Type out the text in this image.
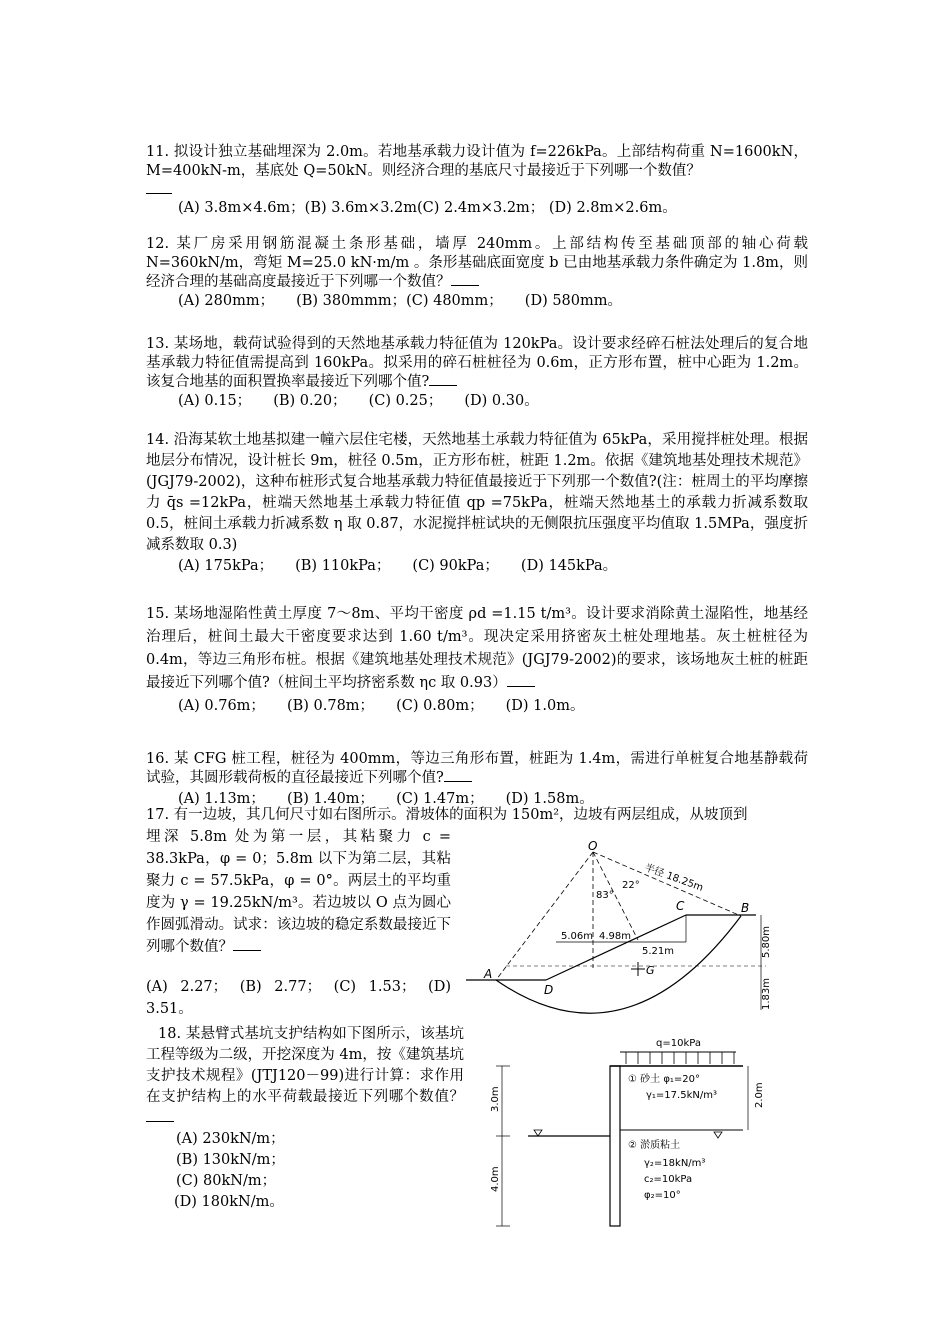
11. 拟设计独立基础埋深为 2.0m。若地基承载力设计值为 f=226kPa。上部结构荷重 N=1600kN，M=400kN-m，基底处 Q=50kN。则经济合理的基底尺寸最接近于下列哪一个数值？

(A) 3.8m×4.6m；(B) 3.6m×3.2m(C) 2.4m×3.2m； (D) 2.8m×2.6m。

12. 某厂房采用钢筋混凝土条形基础，墙厚 240mm。上部结构传至基础顶部的轴心荷载 N=360kN/m，弯矩 M=25.0 kN·m/m 。条形基础底面宽度 b 已由地基承载力条件确定为 1.8m，则经济合理的基础高度最接近于下列哪一个数值？

(A) 280mm； (B) 380mmm；(C) 480mm； (D) 580mm。

13. 某场地，载荷试验得到的天然地基承载力特征值为 120kPa。设计要求经碎石桩法处理后的复合地基承载力特征值需提高到 160kPa。拟采用的碎石桩桩径为 0.6m，正方形布置，桩中心距为 1.2m。该复合地基的面积置换率最接近下列哪个值?

(A) 0.15； (B) 0.20； (C) 0.25； (D) 0.30。

14. 沿海某软土地基拟建一幢六层住宅楼，天然地基土承载力特征值为 65kPa，采用搅拌桩处理。根据地层分布情况，设计桩长 9m，桩径 0.5m，正方形布桩，桩距 1.2m。依据《建筑地基处理技术规范》(JGJ79-2002)，这种布桩形式复合地基承载力特征值最接近于下列那一个数值?(注：桩周土的平均摩擦力 q̄s =12kPa，桩端天然地基土承载力特征值 qp =75kPa，桩端天然地基土的承载力折减系数取 0.5，桩间土承载力折减系数 η 取 0.87，水泥搅拌桩试块的无侧限抗压强度平均值取 1.5MPa，强度折减系数取 0.3)

(A) 175kPa； (B) 110kPa； (C) 90kPa； (D) 145kPa。

15. 某场地湿陷性黄土厚度 7～8m、平均干密度 ρd =1.15 t/m³。设计要求消除黄土湿陷性，地基经治理后，桩间土最大干密度要求达到 1.60 t/m³。现决定采用挤密灰土桩处理地基。灰土桩桩径为 0.4m，等边三角形布桩。根据《建筑地基处理技术规范》(JGJ79-2002)的要求，该场地灰土桩的桩距最接近下列哪个值?（桩间土平均挤密系数 ηc 取 0.93）

(A) 0.76m； (B) 0.78m； (C) 0.80m； (D) 1.0m。

16. 某 CFG 桩工程，桩径为 400mm，等边三角形布置，桩距为 1.4m，需进行单桩复合地基静载荷试验，其圆形载荷板的直径最接近下列哪个值?

(A) 1.13m； (B) 1.40m； (C) 1.47m； (D) 1.58m。

17. 有一边坡，其几何尺寸如右图所示。滑坡体的面积为 150m²，边坡有两层组成，从坡顶到

埋深 5.8m 处为第一层，其粘聚力 c = 38.3kPa，φ = 0；5.8m 以下为第二层，其粘聚力 c = 57.5kPa，φ = 0°。两层土的平均重度为 γ = 19.25kN/m³。若边坡以 O 点为圆心作圆弧滑动。试求：该边坡的稳定系数最接近下列哪个数值？

(A) 2.27； (B) 2.77； (C) 1.53； (D) 3.51。

O
A
B
C
D
G
半径 18.25m
22°
83°
5.06m 4.98m
5.21m	5.80m
1.83m

18. 某悬臂式基坑支护结构如下图所示，该基坑工程等级为二级，开挖深度为 4m，按《建筑基坑支护技术规程》(JTJ120－99)进行计算：求作用在支护结构上的水平荷载最接近下列哪个数值？

(A) 230kN/m；

(B) 130kN/m；

(C) 80kN/m；

(D) 180kN/m。

q=10kPa
① 砂土 φ₁=20°
γ₁=17.5kN/m³
② 淤质粘土
γ₂=18kN/m³
c₂=10kPa
φ₂=10°
3.0m
4.0m
2.0m
